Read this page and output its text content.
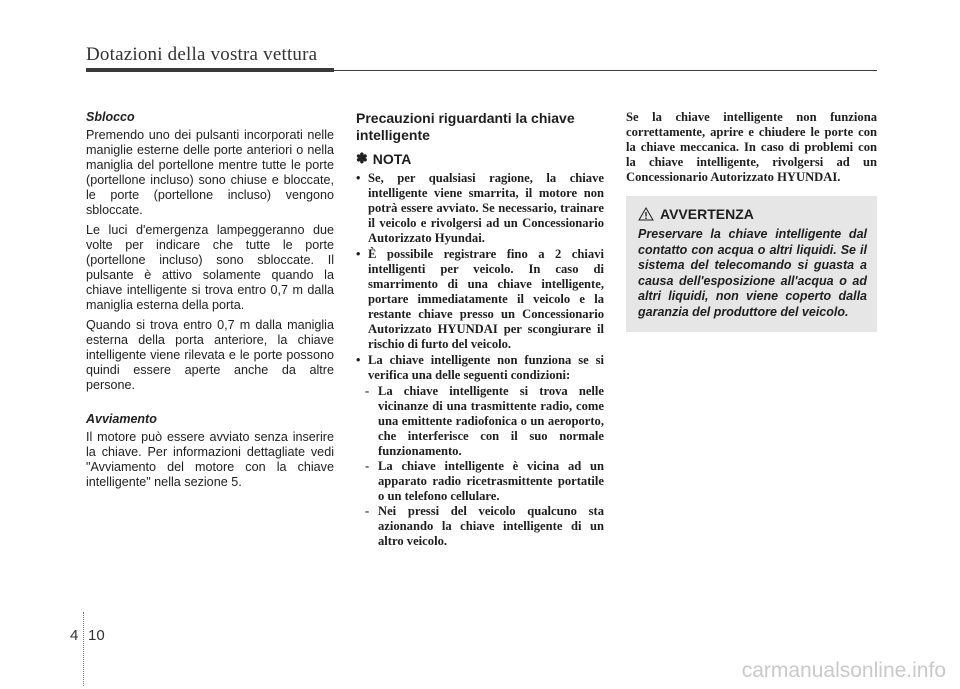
Dotazioni della vostra vettura
Sblocco

Premendo uno dei pulsanti incorporati nelle maniglie esterne delle porte anteriori o nella maniglia del portellone mentre tutte le porte (portellone incluso) sono chiuse e bloccate, le porte (portellone incluso) vengono sbloccate.

Le luci d'emergenza lampeggeranno due volte per indicare che tutte le porte (portellone incluso) sono sbloccate. Il pulsante è attivo solamente quando la chiave intelligente si trova entro 0,7 m dalla maniglia esterna della porta.

Quando si trova entro 0,7 m dalla maniglia esterna della porta anteriore, la chiave intelligente viene rilevata e le porte possono quindi essere aperte anche da altre persone.

Avviamento

Il motore può essere avviato senza inserire la chiave. Per informazioni dettagliate vedi "Avviamento del motore con la chiave intelligente" nella sezione 5.

Precauzioni riguardanti la chiave intelligente
✽ NOTA
• Se, per qualsiasi ragione, la chiave intelligente viene smarrita, il motore non potrà essere avviato. Se necessario, trainare il veicolo e rivolgersi ad un Concessionario Autorizzato Hyundai.
• È possibile registrare fino a 2 chiavi intelligenti per veicolo. In caso di smarrimento di una chiave intelligente, portare immediatamente il veicolo e la restante chiave presso un Concessionario Autorizzato HYUNDAI per scongiurare il rischio di furto del veicolo.
• La chiave intelligente non funziona se si verifica una delle seguenti condizioni:
- La chiave intelligente si trova nelle vicinanze di una trasmittente radio, come una emittente radiofonica o un aeroporto, che interferisce con il suo normale funzionamento.
- La chiave intelligente è vicina ad un apparato radio ricetrasmittente portatile o un telefono cellulare.
- Nei pressi del veicolo qualcuno sta azionando la chiave intelligente di un altro veicolo.

Se la chiave intelligente non funziona correttamente, aprire e chiudere le porte con la chiave meccanica. In caso di problemi con la chiave intelligente, rivolgersi ad un Concessionario Autorizzato HYUNDAI.

AVVERTENZA

Preservare la chiave intelligente dal contatto con acqua o altri liquidi. Se il sistema del telecomando si guasta a causa dell'esposizione all'acqua o ad altri liquidi, non viene coperto dalla garanzia del produttore del veicolo.

4 10
carmanualsonline.info
